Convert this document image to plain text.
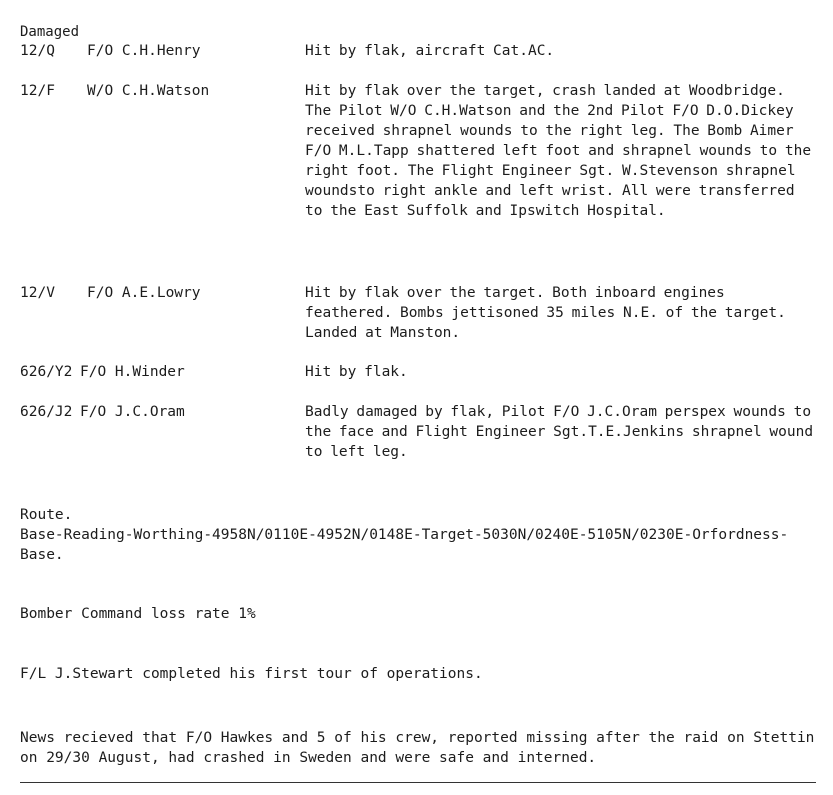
Damaged
12/Q F/O C.H.Henry	Hit by flak, aircraft Cat.AC.
12/F W/O C.H.Watson	Hit by flak over the target, crash landed at Woodbridge. The Pilot W/O C.H.Watson and the 2nd Pilot F/O D.O.Dickey received shrapnel wounds to the right leg. The Bomb Aimer F/O M.L.Tapp shattered left foot and shrapnel wounds to the right foot. The Flight Engineer Sgt. W.Stevenson shrapnel woundsto right ankle and left wrist. All were transferred to the East Suffolk and Ipswitch Hospital.
12/V F/O A.E.Lowry	Hit by flak over the target. Both inboard engines feathered. Bombs jettisoned 35 miles N.E. of the target. Landed at Manston.
626/Y2 F/O H.Winder	Hit by flak.
626/J2 F/O J.C.Oram	Badly damaged by flak, Pilot F/O J.C.Oram perspex wounds to the face and Flight Engineer Sgt.T.E.Jenkins shrapnel wound to left leg.
Route.
Base-Reading-Worthing-4958N/0110E-4952N/0148E-Target-5030N/0240E-5105N/0230E-Orfordness-Base.
Bomber Command loss rate 1%
F/L J.Stewart completed his first tour of operations.
News recieved that F/O Hawkes and 5 of his crew, reported missing after the raid on Stettin on 29/30 August, had crashed in Sweden and were safe and interned.
